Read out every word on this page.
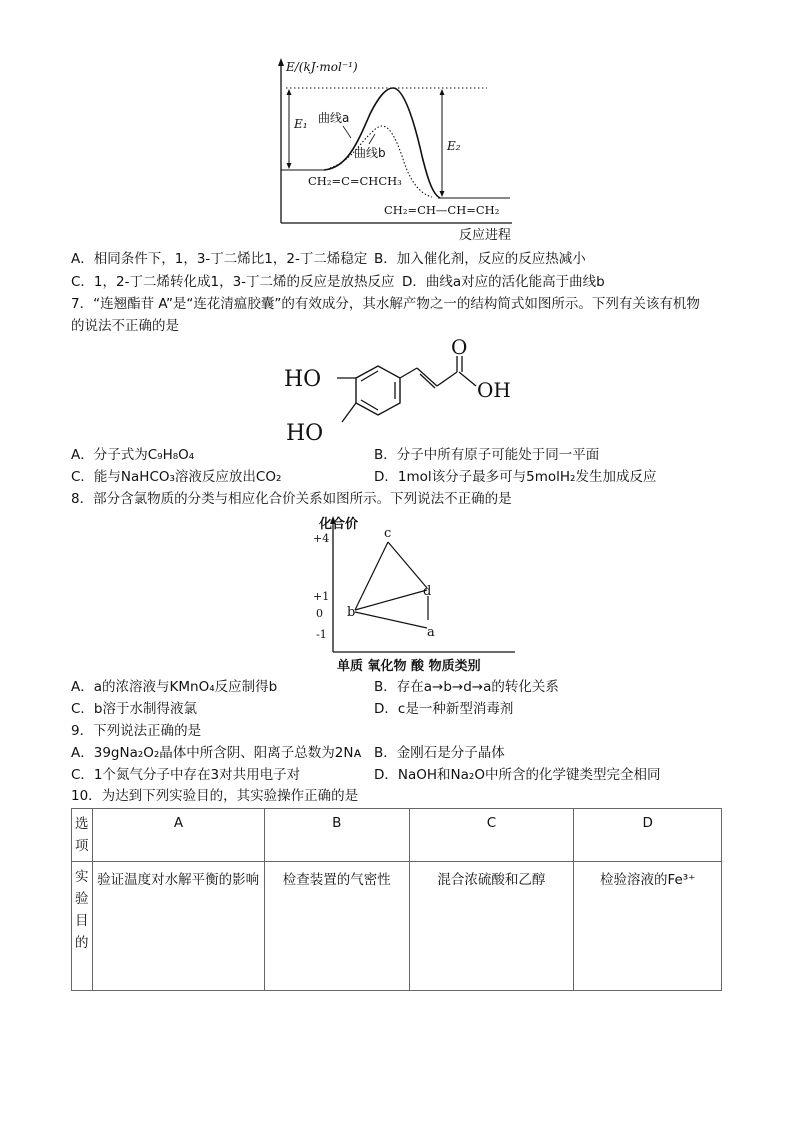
E/(kJ·mol⁻¹)
反应进程
E₁
E₂
曲线a
曲线b
CH₂=C=CHCH₃
CH₂=CH—CH=CH₂
A．相同条件下，1，3-丁二烯比1，2-丁二烯稳定 B．加入催化剂，反应的反应热减小
C．1，2-丁二烯转化成1，3-丁二烯的反应是放热反应 D．曲线a对应的活化能高于曲线b
7．“连翘酯苷 A”是“连花清瘟胶囊”的有效成分，其水解产物之一的结构简式如图所示。下列有关该有机物
的说法不正确的是
HO
HO
O
OH
A．分子式为C₉H₈O₄	B．分子中所有原子可能处于同一平面
C．能与NaHCO₃溶液反应放出CO₂	D．1mol该分子最多可与5molH₂发生加成反应
8．部分含氯物质的分类与相应化合价关系如图所示。下列说法不正确的是
化合价
单质 氧化物 酸 物质类别
+4
+1
0
-1	a
b
c
d
A．a的浓溶液与KMnO₄反应制得b	B．存在a→b→d→a的转化关系
C．b溶于水制得液氯	D．c是一种新型消毒剂
9．下列说法正确的是
A．39gNa₂O₂晶体中所含阴、阳离子总数为2Nᴀ B．金刚石是分子晶体
C．1个氮气分子中存在3对共用电子对	D．NaOH和Na₂O中所含的化学键类型完全相同
10．为达到下列实验目的，其实验操作正确的是
选项	A	B	C	D
实验目的	验证温度对水解平衡的影响	检查装置的气密性	混合浓硫酸和乙醇	检验溶液的Fe³⁺
